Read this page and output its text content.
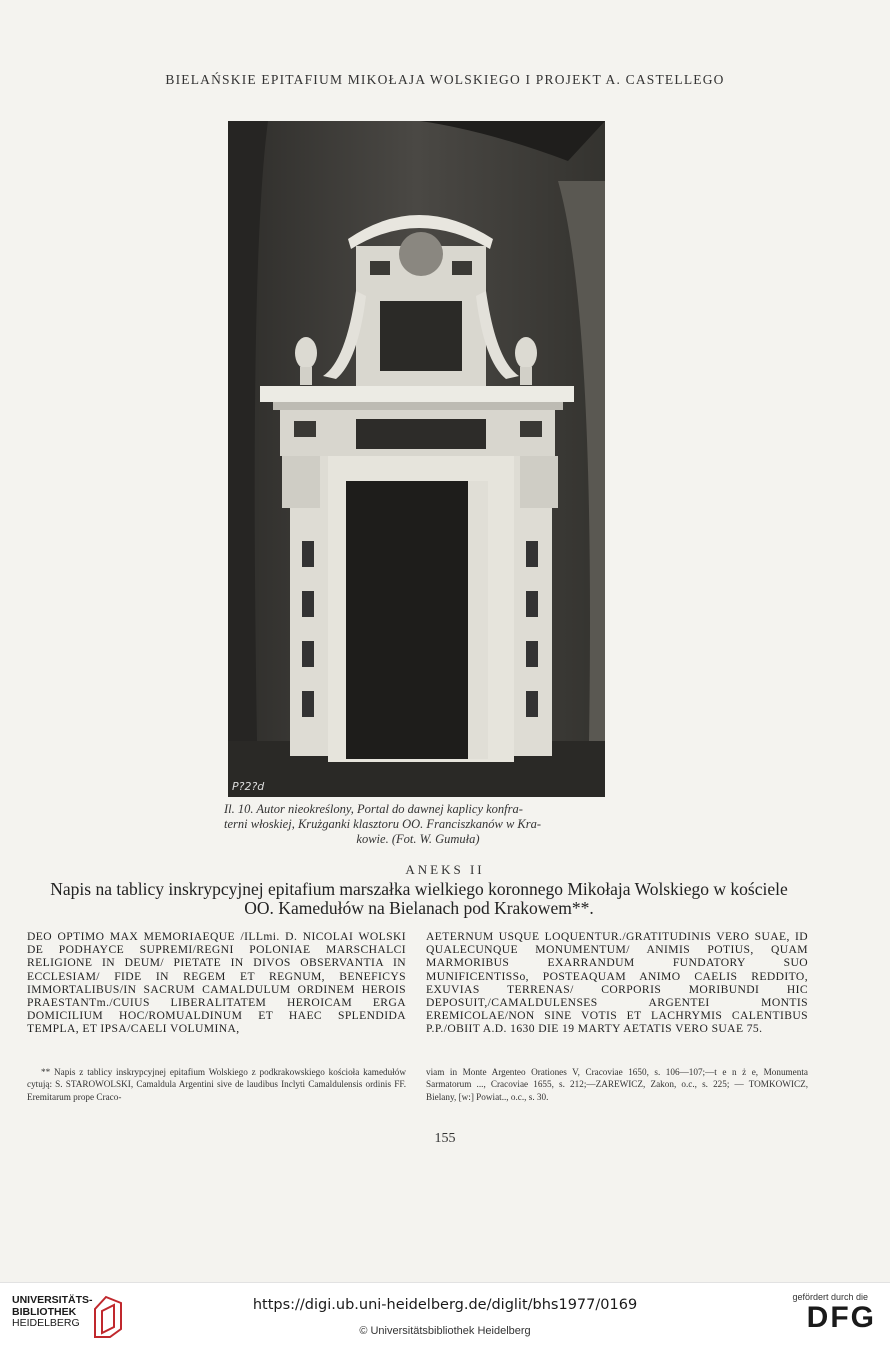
BIELAŃSKIE EPITAFIUM MIKOŁAJA WOLSKIEGO I PROJEKT A. CASTELLEGO
P?2?d
Il. 10. Autor nieokreślony, Portal do dawnej kaplicy konfra-
terni włoskiej, Krużganki klasztoru OO. Franciszkanów w Kra-
kowie. (Fot. W. Gumuła)
ANEKS II
Napis na tablicy inskrypcyjnej epitafium marszałka wielkiego koronnego Mikołaja Wolskiego w kościele
OO. Kamedułów na Bielanach pod Krakowem**.

DEO OPTIMO MAX MEMORIAEQUE /ILLmi. D. NICOLAI WOLSKI DE PODHAYCE SUPREMI/REGNI POLONIAE MARSCHALCI RELIGIONE IN DEUM/ PIETATE IN DIVOS OBSERVANTIA IN ECCLESIAM/ FIDE IN REGEM ET REGNUM, BENEFICYS IMMORTALIBUS/IN SACRUM CAMALDULUM ORDINEM HEROIS PRAESTANTm./CUIUS LIBERALITATEM HEROICAM ERGA DOMICILIUM HOC/ROMUALDINUM ET HAEC SPLENDIDA TEMPLA, ET IPSA/CAELI VOLUMINA,

AETERNUM USQUE LOQUENTUR./GRATITUDINIS VERO SUAE, ID QUALECUNQUE MONUMENTUM/ ANIMIS POTIUS, QUAM MARMORIBUS EXARRANDUM FUNDATORY SUO MUNIFICENTISSo, POSTEAQUAM ANIMO CAELIS REDDITO, EXUVIAS TERRENAS/ CORPORIS MORIBUNDI HIC DEPOSUIT,/CAMALDULENSES ARGENTEI MONTIS EREMICOLAE/NON SINE VOTIS ET LACHRYMIS CALENTIBUS P.P./OBIIT A.D. 1630 DIE 19 MARTY AETATIS VERO SUAE 75.

** Napis z tablicy inskrypcyjnej epitafium Wolskiego z podkrakowskiego kościoła kamedułów cytują: S. STAROWOLSKI, Camaldula Argentini sive de laudibus Inclyti Camaldulensis ordinis FF. Eremitarum prope Craco-
viam in Monte Argenteo Orationes V, Cracoviae 1650, s. 106—107;—t e n ż e, Monumenta Sarmatorum ..., Cracoviae 1655, s. 212;—ZAREWICZ, Zakon, o.c., s. 225; — TOMKOWICZ, Bielany, [w:] Powiat.., o.c., s. 30.
155
UNIVERSITÄTS-
BIBLIOTHEK
HEIDELBERG
https://digi.ub.uni-heidelberg.de/diglit/bhs1977/0169
© Universitätsbibliothek Heidelberg
gefördert durch die
DFG
